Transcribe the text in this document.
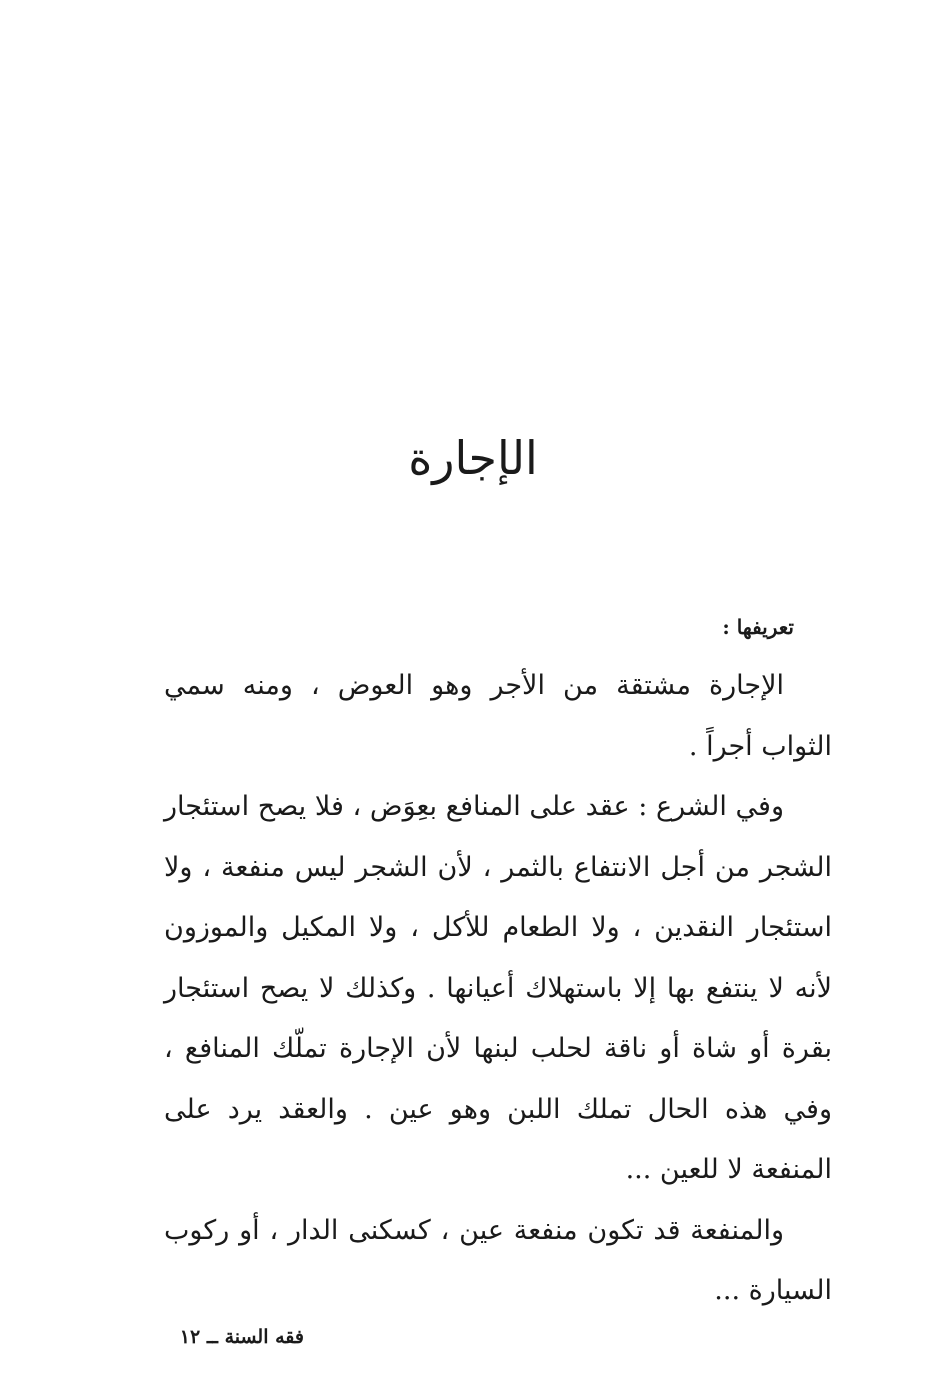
الإجارة
تعريفها :

الإجارة مشتقة من الأجر وهو العوض ، ومنه سمي الثواب أجراً .

وفي الشرع : عقد على المنافع بعِوَض ، فلا يصح استئجار الشجر من أجل الانتفاع بالثمر ، لأن الشجر ليس منفعة ، ولا استئجار النقدين ، ولا الطعام للأكل ، ولا المكيل والموزون لأنه لا ينتفع بها إلا باستهلاك أعيانها . وكذلك لا يصح استئجار بقرة أو شاة أو ناقة لحلب لبنها لأن الإجارة تملّك المنافع ، وفي هذه الحال تملك اللبن وهو عين . والعقد يرد على المنفعة لا للعين ...

والمنفعة قد تكون منفعة عين ، كسكنى الدار ، أو ركوب السيارة ...

فقه السنة ــ ١٢
